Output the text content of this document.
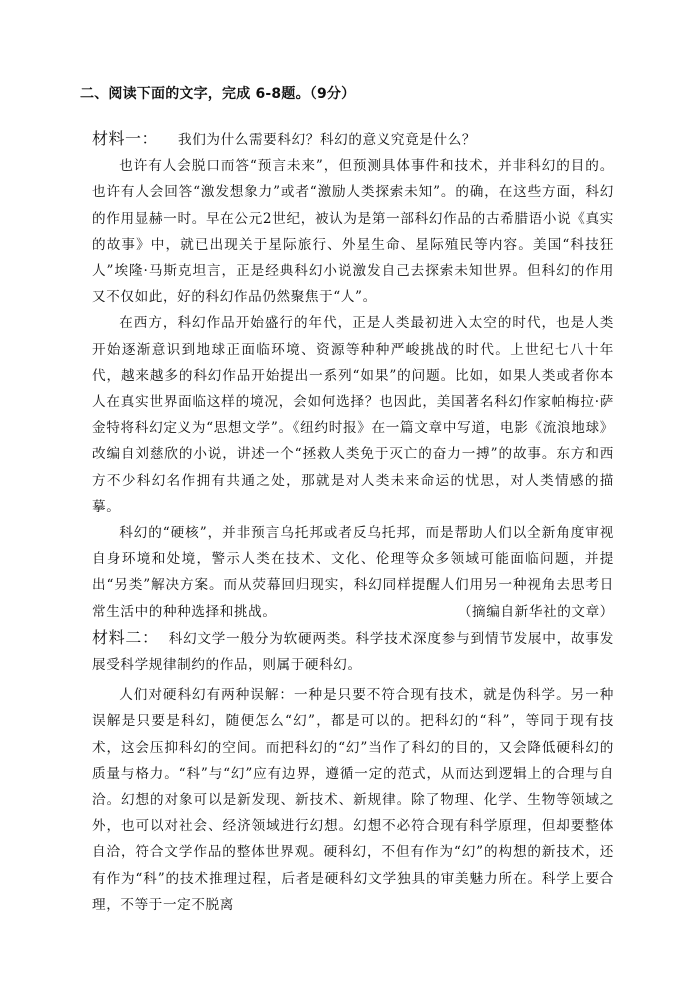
二、阅读下面的文字，完成 6-8题。（9分）

材料一： 我们为什么需要科幻？科幻的意义究竟是什么？

也许有人会脱口而答“预言未来”，但预测具体事件和技术，并非科幻的目的。也许有人会回答“激发想象力”或者“激励人类探索未知”。的确，在这些方面，科幻的作用显赫一时。早在公元2世纪，被认为是第一部科幻作品的古希腊语小说《真实的故事》中，就已出现关于星际旅行、外星生命、星际殖民等内容。美国“科技狂人”埃隆·马斯克坦言，正是经典科幻小说激发自己去探索未知世界。但科幻的作用又不仅如此，好的科幻作品仍然聚焦于“人”。

在西方，科幻作品开始盛行的年代，正是人类最初进入太空的时代，也是人类开始逐渐意识到地球正面临环境、资源等种种严峻挑战的时代。上世纪七八十年代，越来越多的科幻作品开始提出一系列“如果”的问题。比如，如果人类或者你本人在真实世界面临这样的境况，会如何选择？也因此，美国著名科幻作家帕梅拉·萨金特将科幻定义为“思想文学”。《纽约时报》在一篇文章中写道，电影《流浪地球》改编自刘慈欣的小说，讲述一个“拯救人类免于灭亡的奋力一搏”的故事。东方和西方不少科幻名作拥有共通之处，那就是对人类未来命运的忧思，对人类情感的描摹。

科幻的“硬核”，并非预言乌托邦或者反乌托邦，而是帮助人们以全新角度审视自身环境和处境，警示人类在技术、文化、伦理等众多领域可能面临问题，并提出“另类”解决方案。而从荧幕回归现实，科幻同样提醒人们用另一种视角去思考日常生活中的种种选择和挑战。	（摘编自新华社的文章）

材料二： 科幻文学一般分为软硬两类。科学技术深度参与到情节发展中，故事发展受科学规律制约的作品，则属于硬科幻。

人们对硬科幻有两种误解：一种是只要不符合现有技术，就是伪科学。另一种误解是只要是科幻，随便怎么“幻”，都是可以的。把科幻的“科”，等同于现有技术，这会压抑科幻的空间。而把科幻的“幻”当作了科幻的目的，又会降低硬科幻的质量与格力。“科”与“幻”应有边界，遵循一定的范式，从而达到逻辑上的合理与自洽。幻想的对象可以是新发现、新技术、新规律。除了物理、化学、生物等领域之外，也可以对社会、经济领域进行幻想。幻想不必符合现有科学原理，但却要整体自洽，符合文学作品的整体世界观。硬科幻，不但有作为“幻”的构想的新技术，还有作为“科”的技术推理过程，后者是硬科幻文学独具的审美魅力所在。科学上要合理，不等于一定不脱离
